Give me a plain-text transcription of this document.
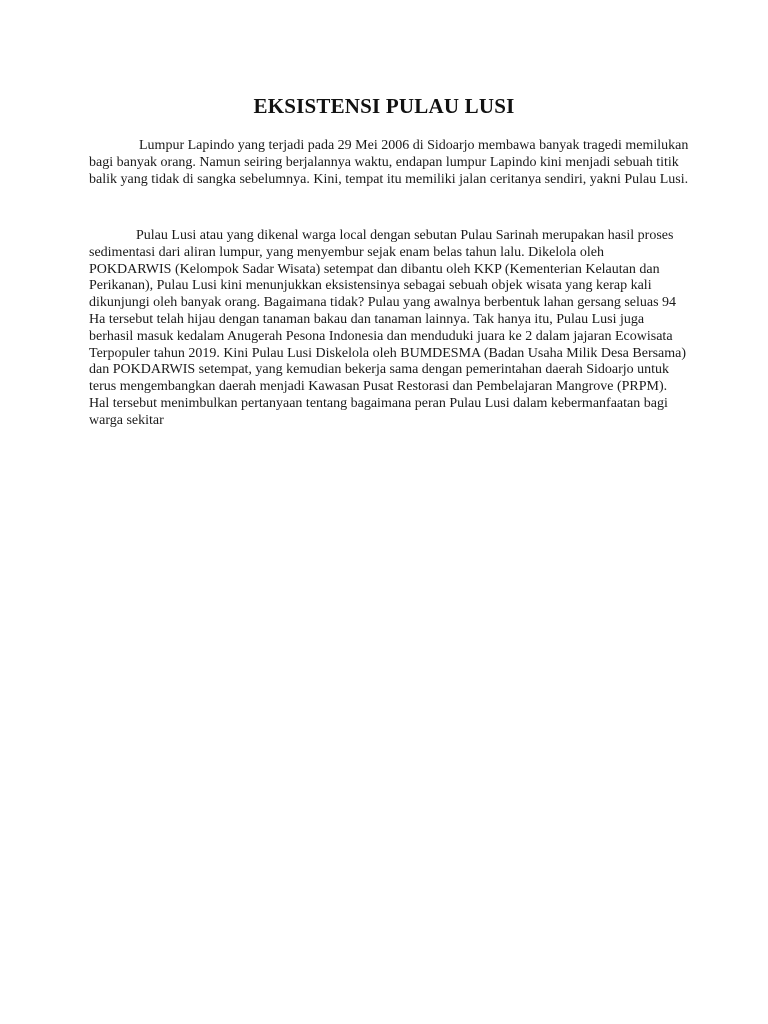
EKSISTENSI PULAU LUSI

Lumpur Lapindo yang terjadi pada 29 Mei 2006 di Sidoarjo membawa banyak tragedi memilukan bagi banyak orang. Namun seiring berjalannya waktu, endapan lumpur Lapindo kini menjadi sebuah titik balik yang tidak di sangka sebelumnya. Kini, tempat itu memiliki jalan ceritanya sendiri, yakni Pulau Lusi.

Pulau Lusi atau yang dikenal warga local dengan sebutan Pulau Sarinah merupakan hasil proses sedimentasi dari aliran lumpur, yang menyembur sejak enam belas tahun lalu. Dikelola oleh POKDARWIS (Kelompok Sadar Wisata) setempat dan dibantu oleh KKP (Kementerian Kelautan dan Perikanan), Pulau Lusi kini menunjukkan eksistensinya sebagai sebuah objek wisata yang kerap kali dikunjungi oleh banyak orang. Bagaimana tidak? Pulau yang awalnya berbentuk lahan gersang seluas 94 Ha tersebut telah hijau dengan tanaman bakau dan tanaman lainnya. Tak hanya itu, Pulau Lusi juga berhasil masuk kedalam Anugerah Pesona Indonesia dan menduduki juara ke 2 dalam jajaran Ecowisata Terpopuler tahun 2019. Kini Pulau Lusi Diskelola oleh BUMDESMA (Badan Usaha Milik Desa Bersama) dan POKDARWIS setempat, yang kemudian bekerja sama dengan pemerintahan daerah Sidoarjo untuk terus mengembangkan daerah menjadi Kawasan Pusat Restorasi dan Pembelajaran Mangrove (PRPM). Hal tersebut menimbulkan pertanyaan tentang bagaimana peran Pulau Lusi dalam kebermanfaatan bagi warga sekitar
